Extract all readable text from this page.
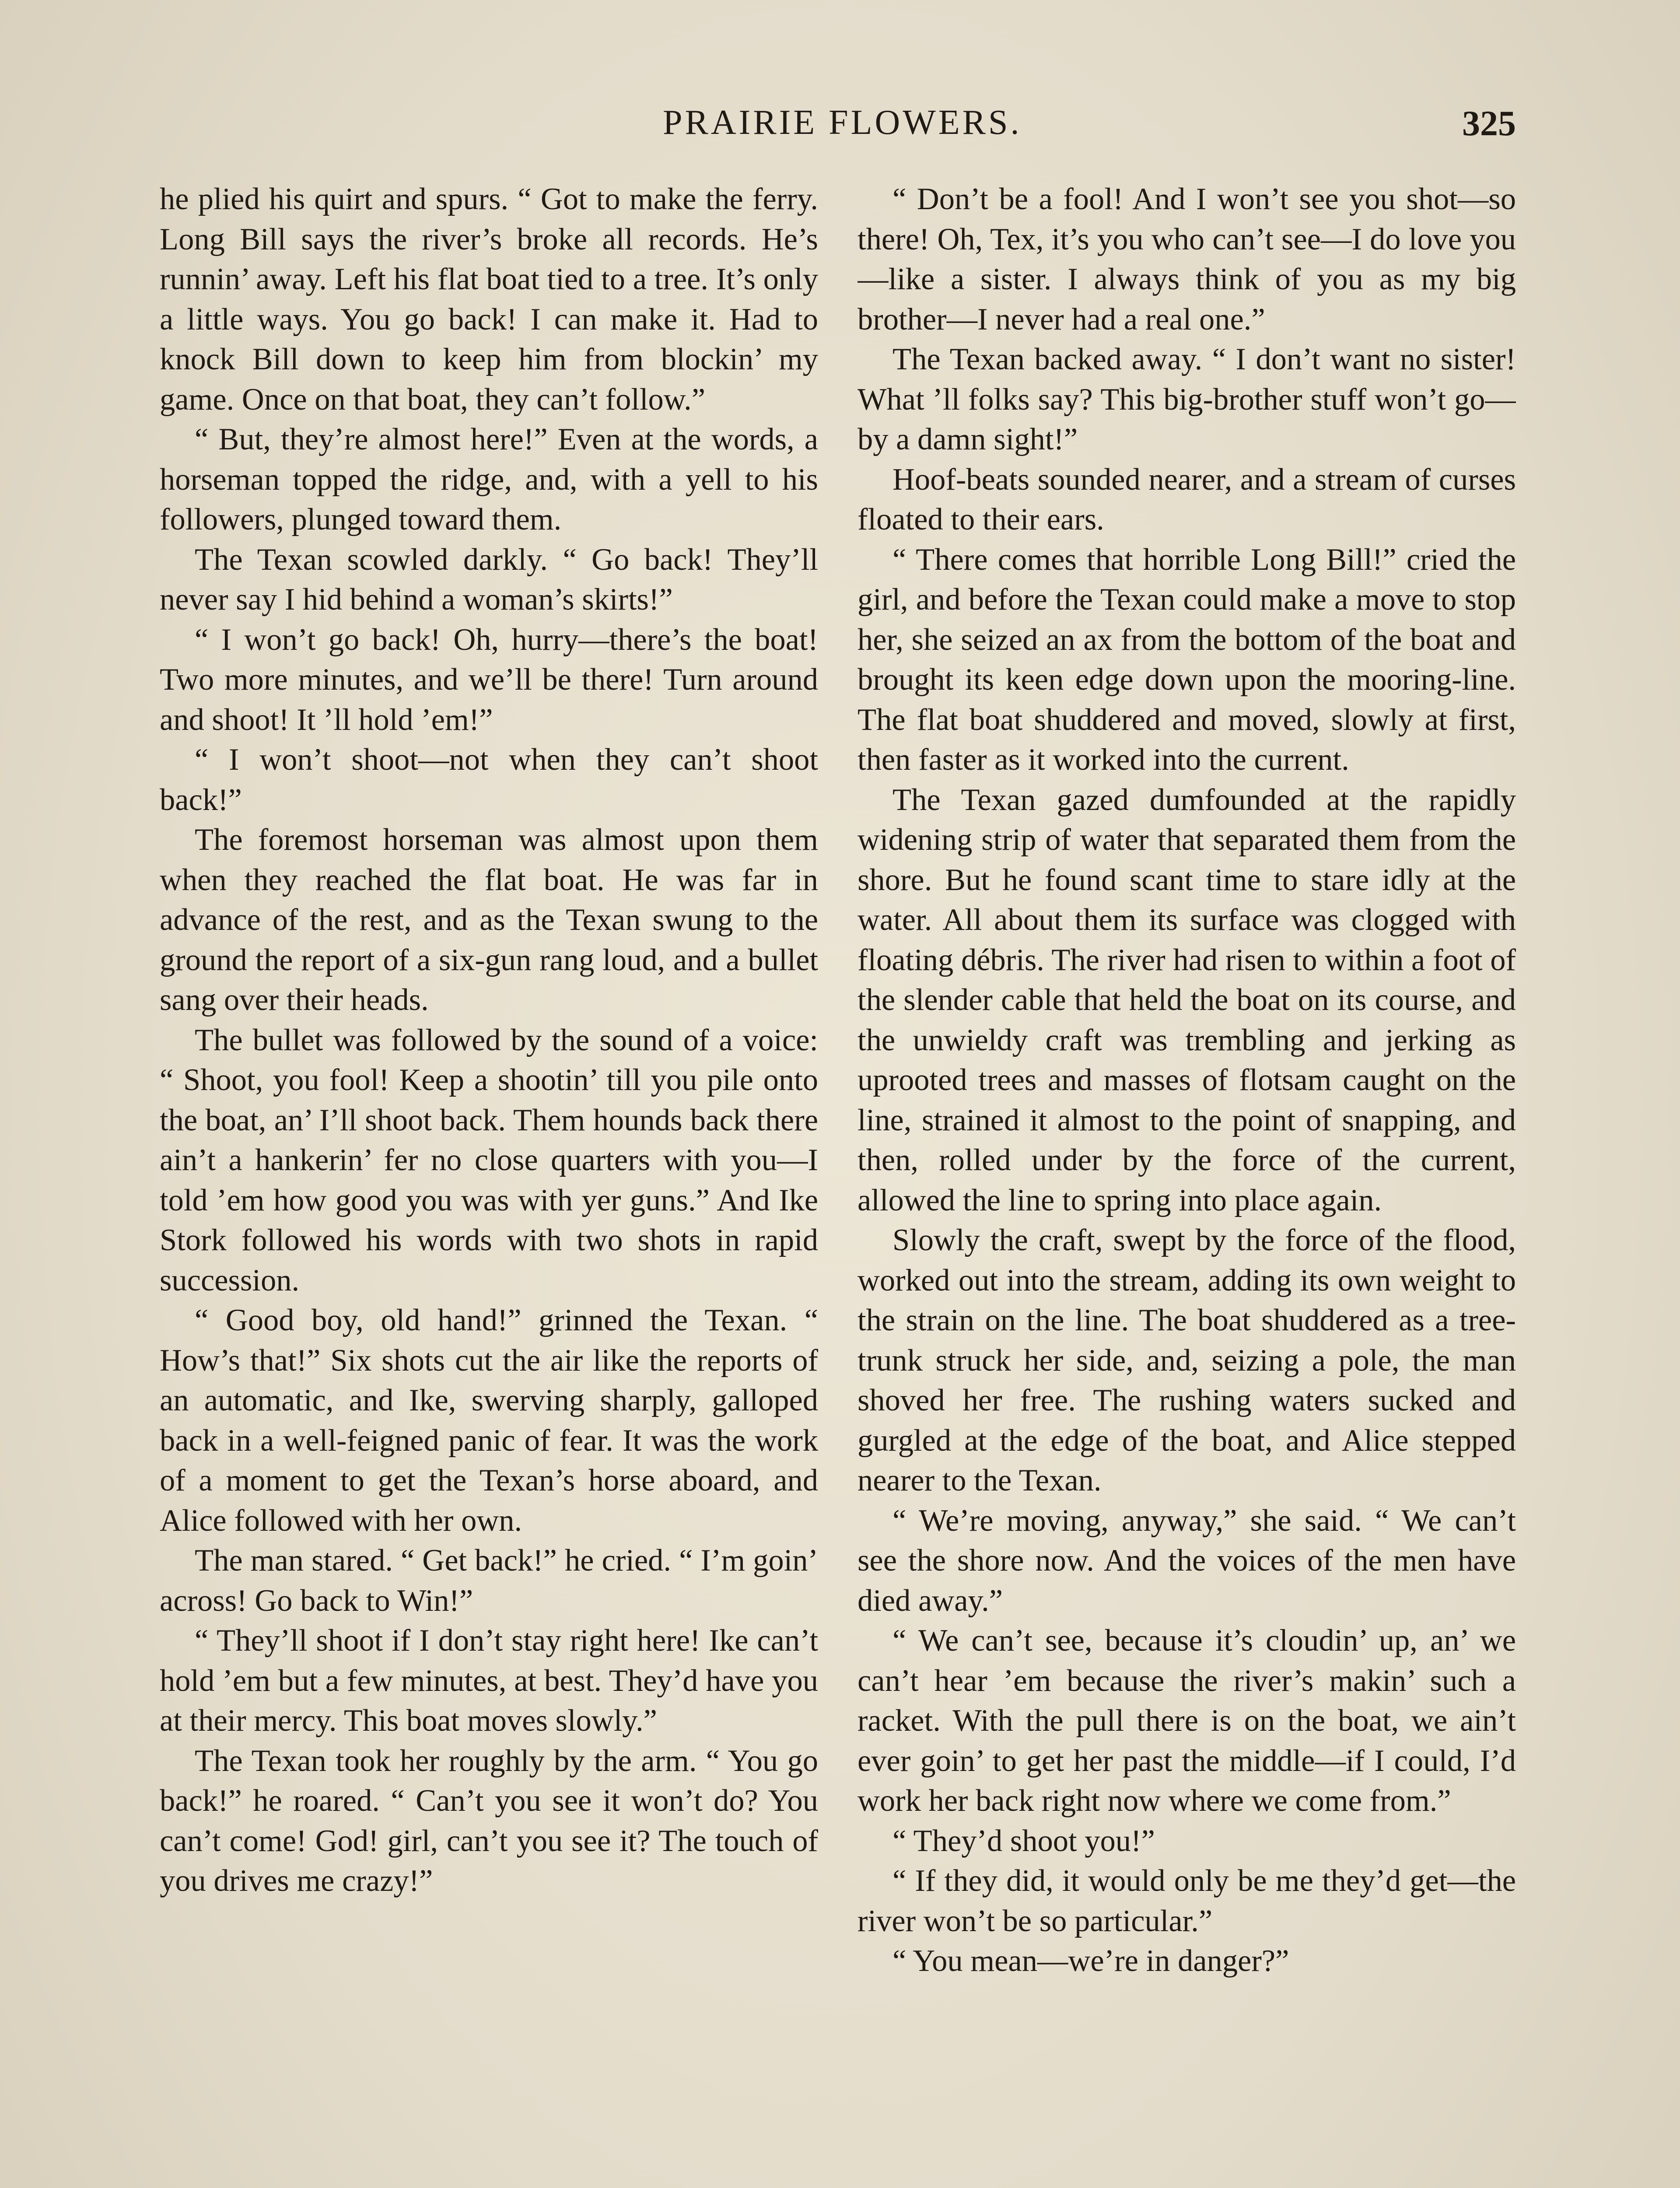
PRAIRIE FLOWERS.	325

he plied his quirt and spurs. “ Got to make the ferry. Long Bill says the river’s broke all records. He’s runnin’ away. Left his flat boat tied to a tree. It’s only a little ways. You go back! I can make it. Had to knock Bill down to keep him from blockin’ my game. Once on that boat, they can’t follow.”

“ But, they’re almost here!” Even at the words, a horseman topped the ridge, and, with a yell to his followers, plunged toward them.

The Texan scowled darkly. “ Go back! They’ll never say I hid behind a woman’s skirts!”

“ I won’t go back! Oh, hurry—there’s the boat! Two more minutes, and we’ll be there! Turn around and shoot! It ’ll hold ’em!”

“ I won’t shoot—not when they can’t shoot back!”

The foremost horseman was almost upon them when they reached the flat boat. He was far in advance of the rest, and as the Texan swung to the ground the report of a six-gun rang loud, and a bullet sang over their heads.

The bullet was followed by the sound of a voice: “ Shoot, you fool! Keep a shootin’ till you pile onto the boat, an’ I’ll shoot back. Them hounds back there ain’t a hankerin’ fer no close quarters with you—I told ’em how good you was with yer guns.” And Ike Stork followed his words with two shots in rapid succession.

“ Good boy, old hand!” grinned the Texan. “ How’s that!” Six shots cut the air like the reports of an automatic, and Ike, swerving sharply, galloped back in a well-feigned panic of fear. It was the work of a moment to get the Texan’s horse aboard, and Alice followed with her own.

The man stared. “ Get back!” he cried. “ I’m goin’ across! Go back to Win!”

“ They’ll shoot if I don’t stay right here! Ike can’t hold ’em but a few minutes, at best. They’d have you at their mercy. This boat moves slowly.”

The Texan took her roughly by the arm. “ You go back!” he roared. “ Can’t you see it won’t do? You can’t come! God! girl, can’t you see it? The touch of you drives me crazy!”

“ Don’t be a fool! And I won’t see you shot—so there! Oh, Tex, it’s you who can’t see—I do love you—like a sister. I always think of you as my big brother—I never had a real one.”

The Texan backed away. “ I don’t want no sister! What ’ll folks say? This big-brother stuff won’t go—by a damn sight!”

Hoof-beats sounded nearer, and a stream of curses floated to their ears.

“ There comes that horrible Long Bill!” cried the girl, and before the Texan could make a move to stop her, she seized an ax from the bottom of the boat and brought its keen edge down upon the mooring-line. The flat boat shuddered and moved, slowly at first, then faster as it worked into the current.

The Texan gazed dumfounded at the rapidly widening strip of water that separated them from the shore. But he found scant time to stare idly at the water. All about them its surface was clogged with floating débris. The river had risen to within a foot of the slender cable that held the boat on its course, and the unwieldy craft was trembling and jerking as uprooted trees and masses of flotsam caught on the line, strained it almost to the point of snapping, and then, rolled under by the force of the current, allowed the line to spring into place again.

Slowly the craft, swept by the force of the flood, worked out into the stream, adding its own weight to the strain on the line. The boat shuddered as a tree-trunk struck her side, and, seizing a pole, the man shoved her free. The rushing waters sucked and gurgled at the edge of the boat, and Alice stepped nearer to the Texan.

“ We’re moving, anyway,” she said. “ We can’t see the shore now. And the voices of the men have died away.”

“ We can’t see, because it’s cloudin’ up, an’ we can’t hear ’em because the river’s makin’ such a racket. With the pull there is on the boat, we ain’t ever goin’ to get her past the middle—if I could, I’d work her back right now where we come from.”

“ They’d shoot you!”

“ If they did, it would only be me they’d get—the river won’t be so particular.”

“ You mean—we’re in danger?”
